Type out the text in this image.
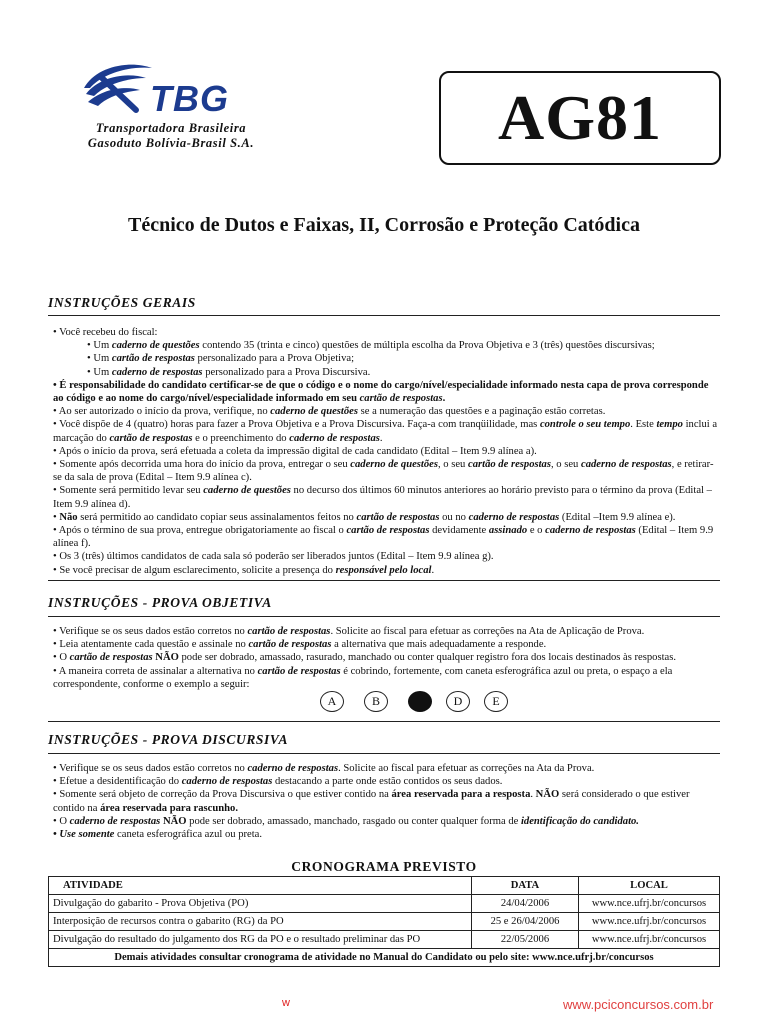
TBG
Transportadora Brasileira
Gasoduto Bolívia-Brasil S.A.	AG81
Técnico de Dutos e Faixas, II, Corrosão e Proteção Catódica
INSTRUÇÕES GERAIS

• Você recebeu do fiscal:

• Um caderno de questões contendo 35 (trinta e cinco) questões de múltipla escolha da Prova Objetiva e 3 (três) questões discursivas;

• Um cartão de respostas personalizado para a Prova Objetiva;

• Um caderno de respostas personalizado para a Prova Discursiva.

• É responsabilidade do candidato certificar-se de que o código e o nome do cargo/nível/especialidade informado nesta capa de prova corresponde ao código e ao nome do cargo/nível/especialidade informado em seu cartão de respostas.

• Ao ser autorizado o início da prova, verifique, no caderno de questões se a numeração das questões e a paginação estão corretas.

• Você dispõe de 4 (quatro) horas para fazer a Prova Objetiva e a Prova Discursiva. Faça-a com tranqüilidade, mas controle o seu tempo. Este tempo inclui a marcação do cartão de respostas e o preenchimento do caderno de respostas.

• Após o início da prova, será efetuada a coleta da impressão digital de cada candidato (Edital – Item 9.9 alínea a).

• Somente após decorrida uma hora do início da prova, entregar o seu caderno de questões, o seu cartão de respostas, o seu caderno de respostas, e retirar-se da sala de prova (Edital – Item 9.9 alínea c).

• Somente será permitido levar seu caderno de questões no decurso dos últimos 60 minutos anteriores ao horário previsto para o término da prova (Edital – Item 9.9 alínea d).

• Não será permitido ao candidato copiar seus assinalamentos feitos no cartão de respostas ou no caderno de respostas (Edital –Item 9.9 alínea e).

• Após o término de sua prova, entregue obrigatoriamente ao fiscal o cartão de respostas devidamente assinado e o caderno de respostas (Edital – Item 9.9 alínea f).

• Os 3 (três) últimos candidatos de cada sala só poderão ser liberados juntos (Edital – Item 9.9 alínea g).

• Se você precisar de algum esclarecimento, solicite a presença do responsável pelo local.

INSTRUÇÕES - PROVA OBJETIVA

• Verifique se os seus dados estão corretos no cartão de respostas. Solicite ao fiscal para efetuar as correções na Ata de Aplicação de Prova.

• Leia atentamente cada questão e assinale no cartão de respostas a alternativa que mais adequadamente a responde.

• O cartão de respostas NÃO pode ser dobrado, amassado, rasurado, manchado ou conter qualquer registro fora dos locais destinados às respostas.

• A maneira correta de assinalar a alternativa no cartão de respostas é cobrindo, fortemente, com caneta esferográfica azul ou preta, o espaço a ela correspondente, conforme o exemplo a seguir:

A	B	D	E
INSTRUÇÕES - PROVA DISCURSIVA

• Verifique se os seus dados estão corretos no caderno de respostas. Solicite ao fiscal para efetuar as correções na Ata da Prova.

• Efetue a desidentificação do caderno de respostas destacando a parte onde estão contidos os seus dados.

• Somente será objeto de correção da Prova Discursiva o que estiver contido na área reservada para a resposta. NÃO será considerado o que estiver contido na área reservada para rascunho.

• O caderno de respostas NÃO pode ser dobrado, amassado, manchado, rasgado ou conter qualquer forma de identificação do candidato.

• Use somente caneta esferográfica azul ou preta.

CRONOGRAMA PREVISTO
ATIVIDADE	DATA	LOCAL
Divulgação do gabarito - Prova Objetiva (PO)	24/04/2006	www.nce.ufrj.br/concursos
Interposição de recursos contra o gabarito (RG) da PO	25 e 26/04/2006	www.nce.ufrj.br/concursos
Divulgação do resultado do julgamento dos RG da PO e o resultado preliminar das PO	22/05/2006	www.nce.ufrj.br/concursos
Demais atividades consultar cronograma de atividade no Manual do Candidato ou pelo site: www.nce.ufrj.br/concursos		
w	www.pciconcursos.com.br
